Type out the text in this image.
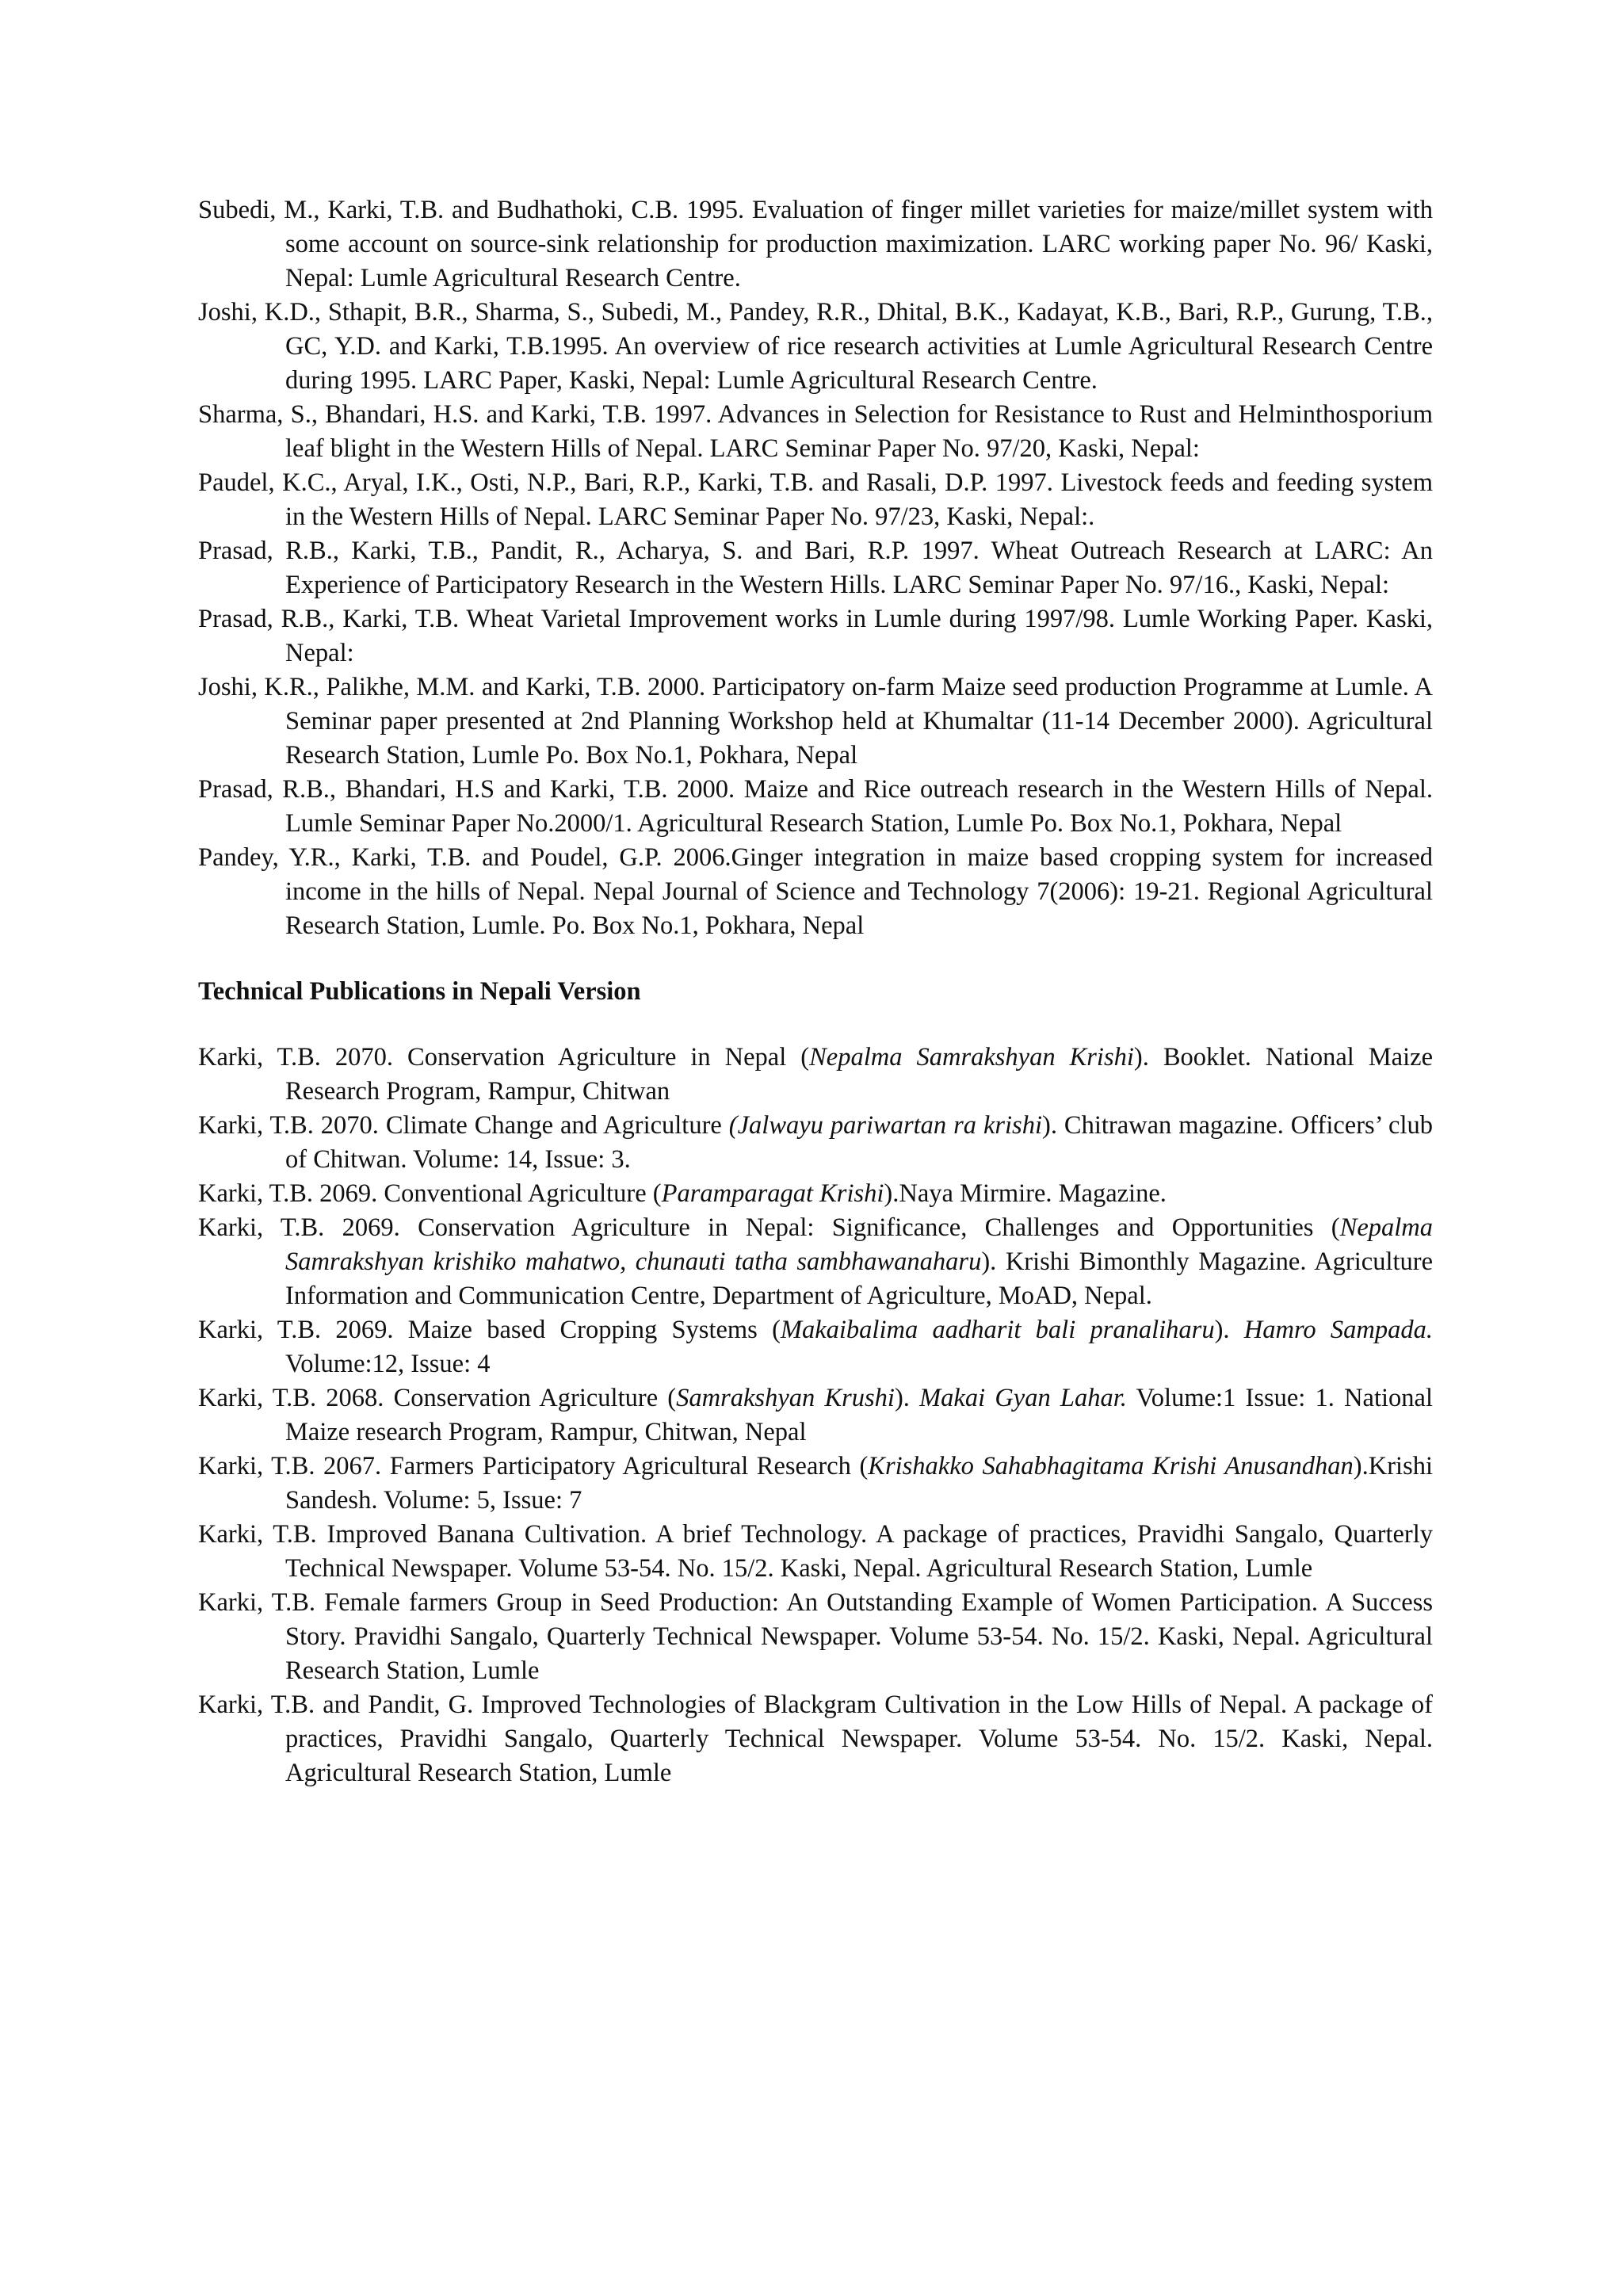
Subedi, M., Karki, T.B. and Budhathoki, C.B. 1995. Evaluation of finger millet varieties for maize/millet system with some account on source-sink relationship for production maximization. LARC working paper No. 96/ Kaski, Nepal: Lumle Agricultural Research Centre.

Joshi, K.D., Sthapit, B.R., Sharma, S., Subedi, M., Pandey, R.R., Dhital, B.K., Kadayat, K.B., Bari, R.P., Gurung, T.B., GC, Y.D. and Karki, T.B.1995. An overview of rice research activities at Lumle Agricultural Research Centre during 1995. LARC Paper, Kaski, Nepal: Lumle Agricultural Research Centre.

Sharma, S., Bhandari, H.S. and Karki, T.B. 1997. Advances in Selection for Resistance to Rust and Helminthosporium leaf blight in the Western Hills of Nepal. LARC Seminar Paper No. 97/20, Kaski, Nepal:

Paudel, K.C., Aryal, I.K., Osti, N.P., Bari, R.P., Karki, T.B. and Rasali, D.P. 1997. Livestock feeds and feeding system in the Western Hills of Nepal. LARC Seminar Paper No. 97/23, Kaski, Nepal:.

Prasad, R.B., Karki, T.B., Pandit, R., Acharya, S. and Bari, R.P. 1997. Wheat Outreach Research at LARC: An Experience of Participatory Research in the Western Hills. LARC Seminar Paper No. 97/16., Kaski, Nepal:

Prasad, R.B., Karki, T.B. Wheat Varietal Improvement works in Lumle during 1997/98. Lumle Working Paper. Kaski, Nepal:

Joshi, K.R., Palikhe, M.M. and Karki, T.B. 2000. Participatory on-farm Maize seed production Programme at Lumle. A Seminar paper presented at 2nd Planning Workshop held at Khumaltar (11-14 December 2000). Agricultural Research Station, Lumle Po. Box No.1, Pokhara, Nepal

Prasad, R.B., Bhandari, H.S and Karki, T.B. 2000. Maize and Rice outreach research in the Western Hills of Nepal. Lumle Seminar Paper No.2000/1. Agricultural Research Station, Lumle Po. Box No.1, Pokhara, Nepal

Pandey, Y.R., Karki, T.B. and Poudel, G.P. 2006.Ginger integration in maize based cropping system for increased income in the hills of Nepal. Nepal Journal of Science and Technology 7(2006): 19-21. Regional Agricultural Research Station, Lumle. Po. Box No.1, Pokhara, Nepal

Technical Publications in Nepali Version

Karki, T.B. 2070. Conservation Agriculture in Nepal (Nepalma Samrakshyan Krishi). Booklet. National Maize Research Program, Rampur, Chitwan

Karki, T.B. 2070. Climate Change and Agriculture (Jalwayu pariwartan ra krishi). Chitrawan magazine. Officers’ club of Chitwan. Volume: 14, Issue: 3.

Karki, T.B. 2069. Conventional Agriculture (Paramparagat Krishi).Naya Mirmire. Magazine.

Karki, T.B. 2069. Conservation Agriculture in Nepal: Significance, Challenges and Opportunities (Nepalma Samrakshyan krishiko mahatwo, chunauti tatha sambhawanaharu). Krishi Bimonthly Magazine. Agriculture Information and Communication Centre, Department of Agriculture, MoAD, Nepal.

Karki, T.B. 2069. Maize based Cropping Systems (Makaibalima aadharit bali pranaliharu). Hamro Sampada. Volume:12, Issue: 4

Karki, T.B. 2068. Conservation Agriculture (Samrakshyan Krushi). Makai Gyan Lahar. Volume:1 Issue: 1. National Maize research Program, Rampur, Chitwan, Nepal

Karki, T.B. 2067. Farmers Participatory Agricultural Research (Krishakko Sahabhagitama Krishi Anusandhan).Krishi Sandesh. Volume: 5, Issue: 7

Karki, T.B. Improved Banana Cultivation. A brief Technology. A package of practices, Pravidhi Sangalo, Quarterly Technical Newspaper. Volume 53-54. No. 15/2. Kaski, Nepal. Agricultural Research Station, Lumle

Karki, T.B. Female farmers Group in Seed Production: An Outstanding Example of Women Participation. A Success Story. Pravidhi Sangalo, Quarterly Technical Newspaper. Volume 53-54. No. 15/2. Kaski, Nepal. Agricultural Research Station, Lumle

Karki, T.B. and Pandit, G. Improved Technologies of Blackgram Cultivation in the Low Hills of Nepal. A package of practices, Pravidhi Sangalo, Quarterly Technical Newspaper. Volume 53-54. No. 15/2. Kaski, Nepal. Agricultural Research Station, Lumle
